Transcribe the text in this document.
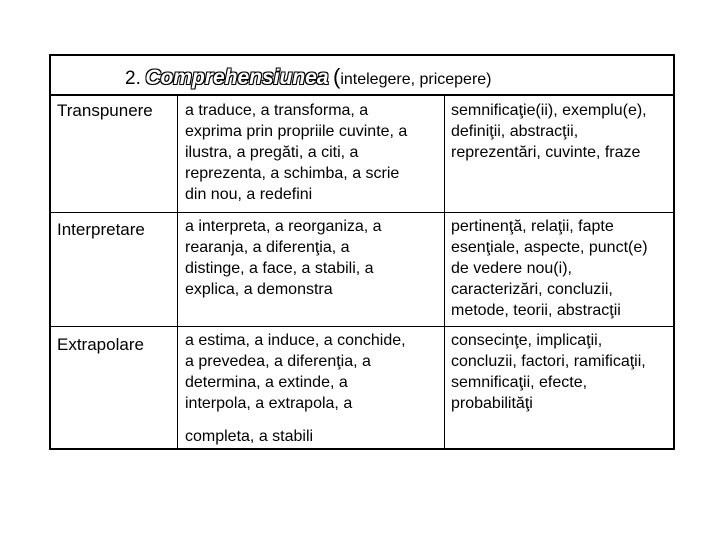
2. Comprehensiunea (intelegere, pricepere)
Transpunere a traduce, a transforma, a
exprima prin propriile cuvinte, a
ilustra, a pregăti, a citi, a
reprezenta, a schimba, a scrie
din nou, a redefini
semnificaţie(ii), exemplu(e),
definiţii, abstracţii,
reprezentări, cuvinte, fraze
Interpretare	a interpreta, a reorganiza, a
rearanja, a diferenţia, a
distinge, a face, a stabili, a
explica, a demonstra
pertinenţă, relaţii, fapte
esenţiale, aspecte, punct(e)
de vedere nou(i),
caracterizări, concluzii,
metode, teorii, abstracţii
Extrapolare	a estima, a induce, a conchide,
a prevedea, a diferenţia, a
determina, a extinde, a
interpola, a extrapola, a
completa, a stabili
consecinţe, implicaţii,
concluzii, factori, ramificaţii,
semnificaţii, efecte,
probabilităţi
